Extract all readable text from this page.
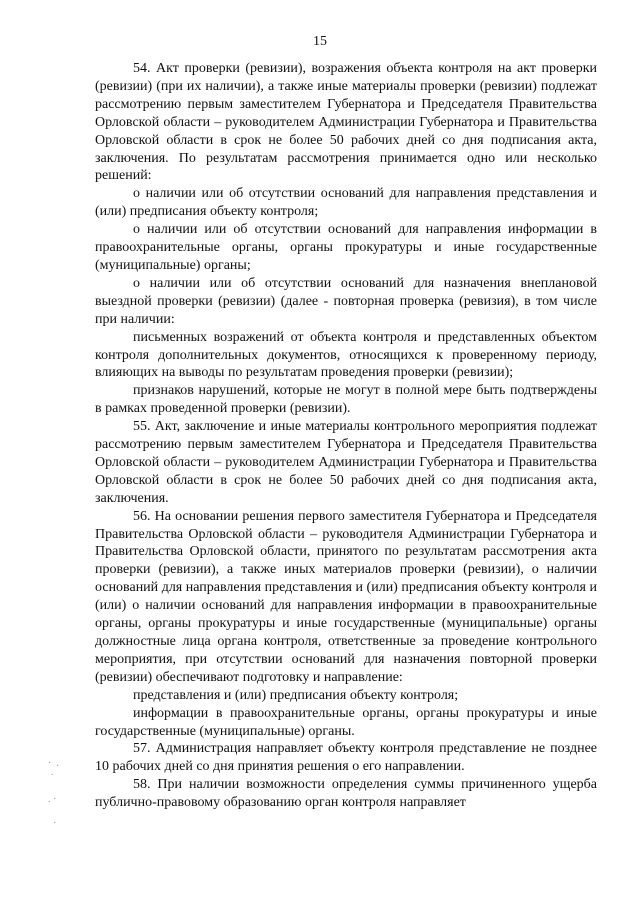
15

54. Акт проверки (ревизии), возражения объекта контроля на акт проверки (ревизии) (при их наличии), а также иные материалы проверки (ревизии) подлежат рассмотрению первым заместителем Губернатора и Председателя Правительства Орловской области – руководителем Администрации Губернатора и Правительства Орловской области в срок не более 50 рабочих дней со дня подписания акта, заключения. По результатам рассмотрения принимается одно или несколько решений:

о наличии или об отсутствии оснований для направления представления и (или) предписания объекту контроля;

о наличии или об отсутствии оснований для направления информации в правоохранительные органы, органы прокуратуры и иные государственные (муниципальные) органы;

о наличии или об отсутствии оснований для назначения внеплановой выездной проверки (ревизии) (далее - повторная проверка (ревизия), в том числе при наличии:

письменных возражений от объекта контроля и представленных объектом контроля дополнительных документов, относящихся к проверенному периоду, влияющих на выводы по результатам проведения проверки (ревизии);

признаков нарушений, которые не могут в полной мере быть подтверждены в рамках проведенной проверки (ревизии).

55. Акт, заключение и иные материалы контрольного мероприятия подлежат рассмотрению первым заместителем Губернатора и Председателя Правительства Орловской области – руководителем Администрации Губернатора и Правительства Орловской области в срок не более 50 рабочих дней со дня подписания акта, заключения.

56. На основании решения первого заместителя Губернатора и Председателя Правительства Орловской области – руководителя Администрации Губернатора и Правительства Орловской области, принятого по результатам рассмотрения акта проверки (ревизии), а также иных материалов проверки (ревизии), о наличии оснований для направления представления и (или) предписания объекту контроля и (или) о наличии оснований для направления информации в правоохранительные органы, органы прокуратуры и иные государственные (муниципальные) органы должностные лица органа контроля, ответственные за проведение контрольного мероприятия, при отсутствии оснований для назначения повторной проверки (ревизии) обеспечивают подготовку и направление:

представления и (или) предписания объекту контроля;

информации в правоохранительные органы, органы прокуратуры и иные государственные (муниципальные) органы.

57. Администрация направляет объекту контроля представление не позднее 10 рабочих дней со дня принятия решения о его направлении.

58. При наличии возможности определения суммы причиненного ущерба публично-правовому образованию орган контроля направляет

·  .
·

. ·

·
